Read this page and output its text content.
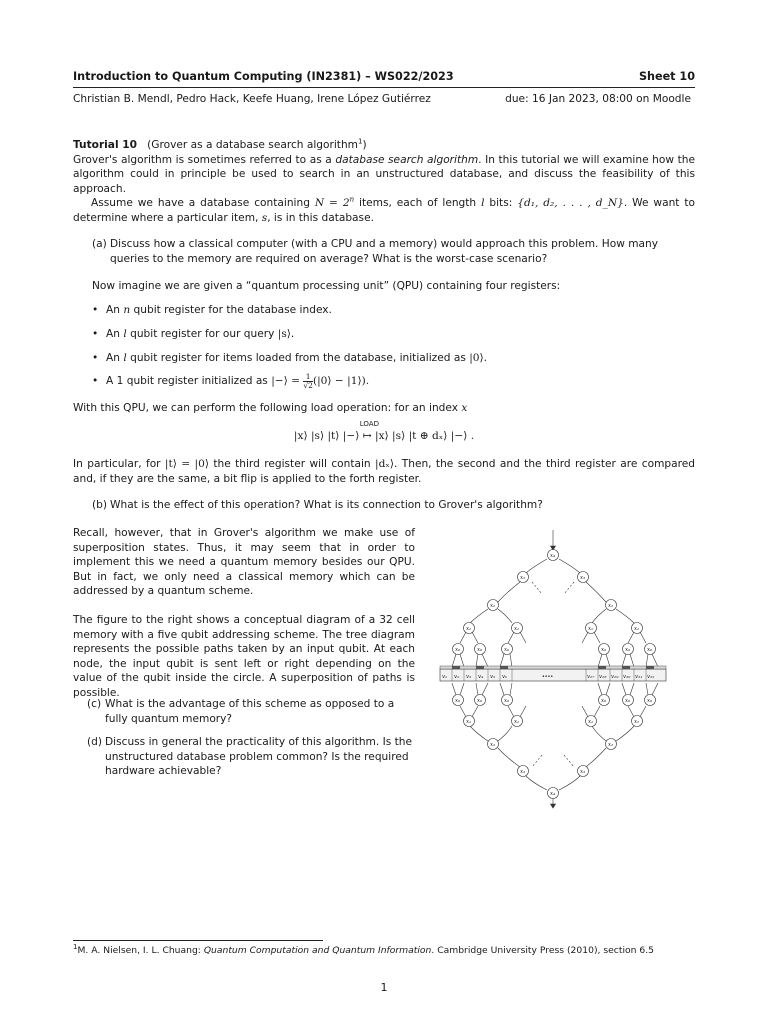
Introduction to Quantum Computing (IN2381) – WS022/2023	Sheet 10
Christian B. Mendl, Pedro Hack, Keefe Huang, Irene López Gutiérrez	due: 16 Jan 2023, 08:00 on Moodle
Tutorial 10 (Grover as a database search algorithm$^1$)
Grover's algorithm is sometimes referred to as a database search algorithm. In this tutorial we will examine how the algorithm could in principle be used to search in an unstructured database, and discuss the feasibility of this approach.
Assume we have a database containing $N = 2^n$ items, each of length l bits: {d₁, d₂, . . . , d_N}. We want to determine where a particular item, s, is in this database.
(a) Discuss how a classical computer (with a CPU and a memory) would approach this problem. How many queries to the memory are required on average? What is the worst-case scenario?
Now imagine we are given a “quantum processing unit” (QPU) containing four registers:
• An n qubit register for the database index.
• An l qubit register for our query |s⟩.
• An l qubit register for items loaded from the database, initialized as |0⟩.
• A 1 qubit register initialized as |−⟩ = $\frac{1}{√2}$ (|0⟩ − |1⟩).
With this QPU, we can perform the following load operation: for an index x
|x⟩ |s⟩ |t⟩ |−⟩
LOAD
↦ |x⟩ |s⟩ |t ⊕ dₓ⟩ |−⟩ .
In particular, for |t⟩ = |0⟩ the third register will contain |dₓ⟩. Then, the second and the third register are compared and, if they are the same, a bit flip is applied to the forth register.
(b) What is the effect of this operation? What is its connection to Grover's algorithm?
Recall, however, that in Grover's algorithm we make use of superposition states. Thus, it may seem that in order to implement this we need a quantum memory besides our QPU. But in fact, we only need a classical memory which can be addressed by a quantum scheme.
The figure to the right shows a conceptual diagram of a 32 cell memory with a five qubit addressing scheme. The tree diagram represents the possible paths taken by an input qubit. At each node, the input qubit is sent left or right depending on the value of the qubit inside the circle. A superposition of paths is possible.
(c) What is the advantage of this scheme as opposed to a fully quantum memory?
(d) Discuss in general the practicality of this algorithm. Is the unstructured database problem common? Is the required hardware achievable?
v₁ v₂ v₃ v₄ v₅ v₆	....	v₂₇ v₂₈ v₂₉ v₃₀ v₃₁ v₃₂
x₄
x₃	x₃
x₂	x₂
x₁	x₁	x₁	x₁
x₀	x₀	x₀	x₀	x₀	x₀
x₀	x₀	x₀	x₀	x₀	x₀
x₁	x₁	x₁	x₁
x₂	x₂
x₃	x₃
x₄
$^1$M. A. Nielsen, I. L. Chuang: Quantum Computation and Quantum Information. Cambridge University Press (2010), section 6.5
1
